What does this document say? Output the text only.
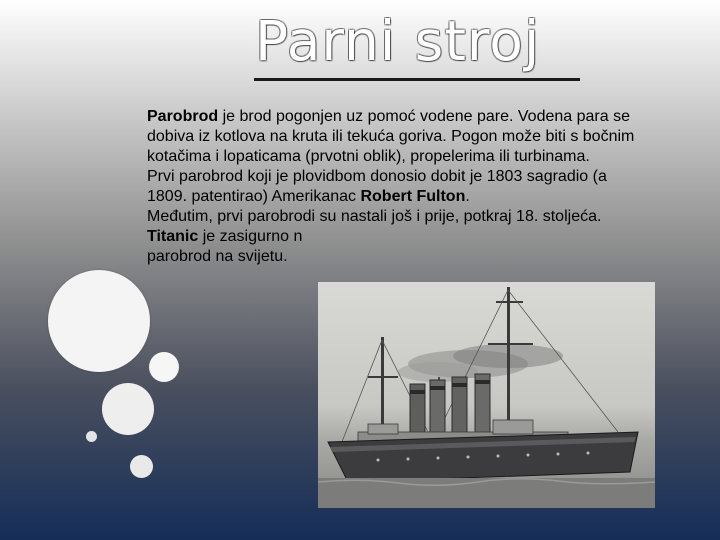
Parni stroj

Parobrod je brod pogonjen uz pomoć vodene pare. Vodena para se dobiva iz kotlova na kruta ili tekuća goriva. Pogon može biti s bočnim kotačima i lopaticama (prvotni oblik), propelerima ili turbinama.

Prvi parobrod koji je plovidbom donosio dobit je 1803 sagradio (a 1809. patentirao) Amerikanac Robert Fulton.

Međutim, prvi parobrodi su nastali još i prije, potkraj 18. stoljeća.

Titanic je zasigurno n
parobrod na svijetu.
